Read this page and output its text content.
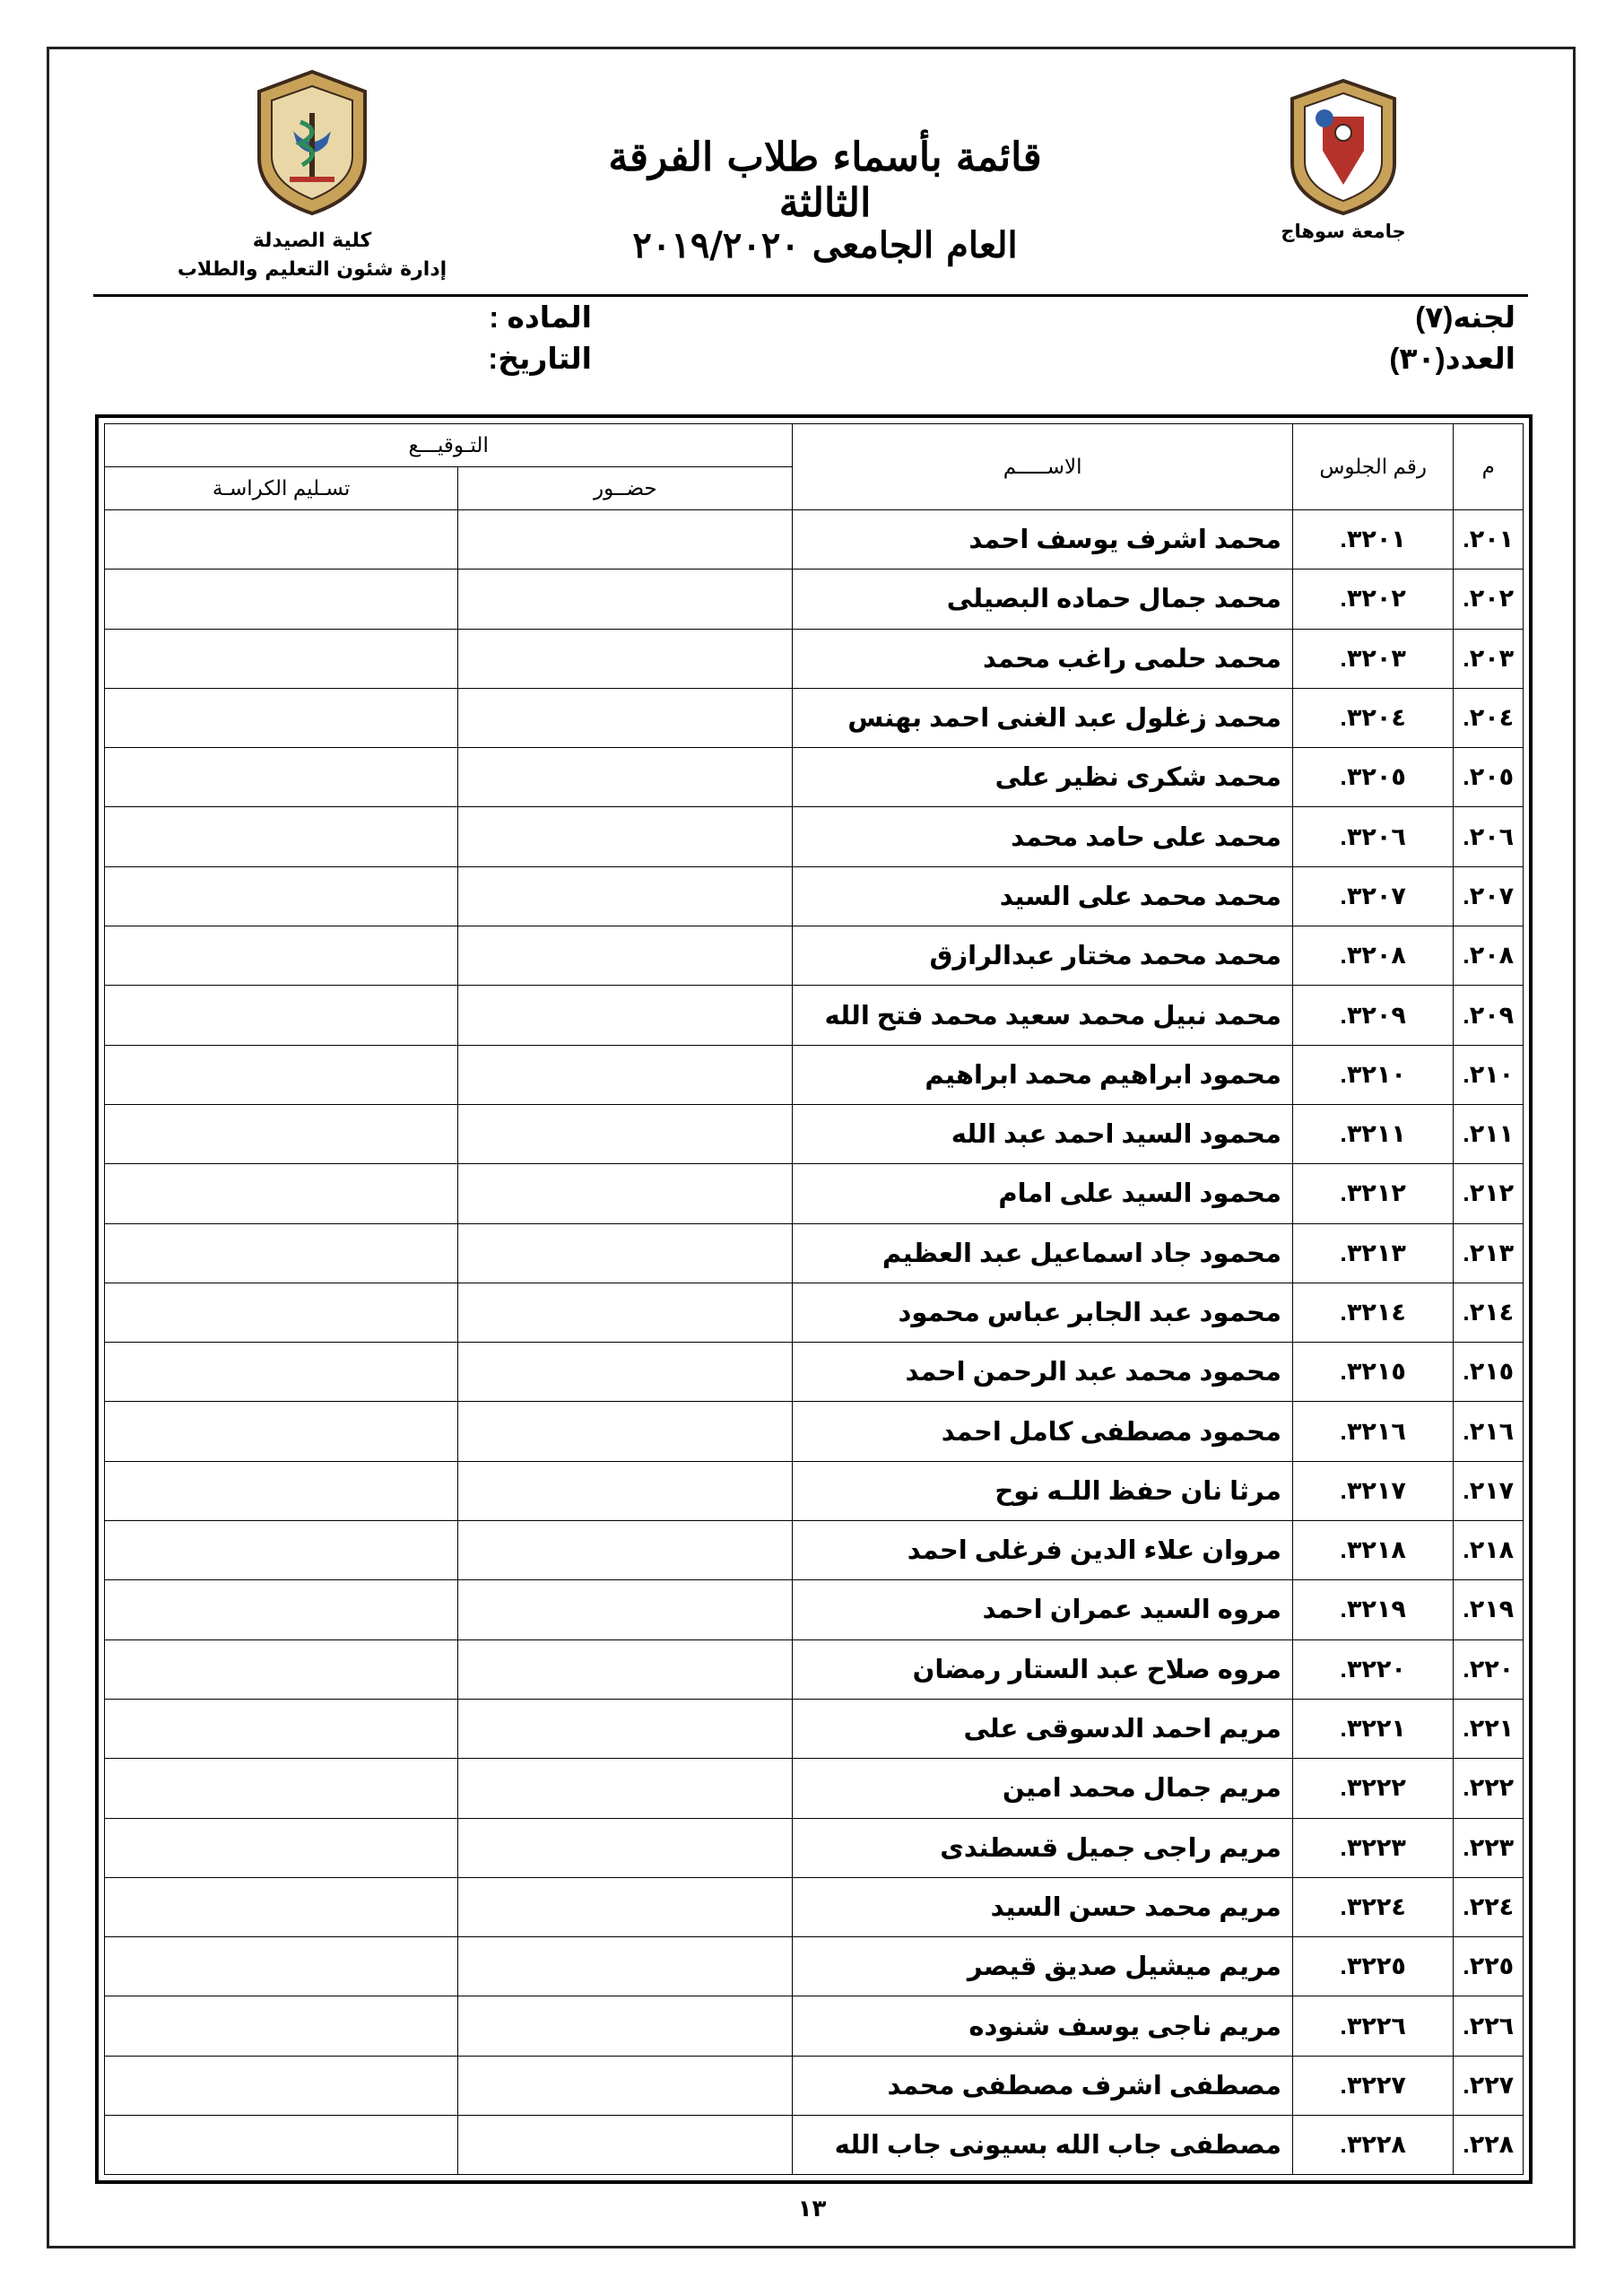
جامعة سوهاج
كلية الصيدلة
إدارة شئون التعليم والطلاب
قائمة بأسماء طلاب الفرقة الثالثة
العام الجامعى ٢٠١٩/٢٠٢٠
لجنه(٧)
العدد(٣٠)
الماده :
التاريخ:
م	رقم الجلوس	الاســـــم	التـوقيـــع	
			حضــور	تسـليم الكراسـة
٢٠١.	٣٢٠١.	محمد اشرف يوسف احمد		
٢٠٢.	٣٢٠٢.	محمد جمال حماده البصيلى		
٢٠٣.	٣٢٠٣.	محمد حلمى راغب محمد		
٢٠٤.	٣٢٠٤.	محمد زغلول عبد الغنى احمد بهنس		
٢٠٥.	٣٢٠٥.	محمد شكرى نظير على		
٢٠٦.	٣٢٠٦.	محمد على حامد محمد		
٢٠٧.	٣٢٠٧.	محمد محمد على السيد		
٢٠٨.	٣٢٠٨.	محمد محمد مختار عبدالرازق		
٢٠٩.	٣٢٠٩.	محمد نبيل محمد سعيد محمد فتح الله		
٢١٠.	٣٢١٠.	محمود ابراهيم محمد ابراهيم		
٢١١.	٣٢١١.	محمود السيد احمد عبد الله		
٢١٢.	٣٢١٢.	محمود السيد على امام		
٢١٣.	٣٢١٣.	محمود جاد اسماعيل عبد العظيم		
٢١٤.	٣٢١٤.	محمود عبد الجابر عباس محمود		
٢١٥.	٣٢١٥.	محمود محمد عبد الرحمن احمد		
٢١٦.	٣٢١٦.	محمود مصطفى كامل احمد		
٢١٧.	٣٢١٧.	مرثا نان حفظ اللـه نوح		
٢١٨.	٣٢١٨.	مروان علاء الدين فرغلى احمد		
٢١٩.	٣٢١٩.	مروه السيد عمران احمد		
٢٢٠.	٣٢٢٠.	مروه صلاح عبد الستار رمضان		
٢٢١.	٣٢٢١.	مريم احمد الدسوقى على		
٢٢٢.	٣٢٢٢.	مريم جمال محمد امين		
٢٢٣.	٣٢٢٣.	مريم راجى جميل قسطندى		
٢٢٤.	٣٢٢٤.	مريم محمد حسن السيد		
٢٢٥.	٣٢٢٥.	مريم ميشيل صديق قيصر		
٢٢٦.	٣٢٢٦.	مريم ناجى يوسف شنوده		
٢٢٧.	٣٢٢٧.	مصطفى اشرف مصطفى محمد		
٢٢٨.	٣٢٢٨.	مصطفى جاب الله بسيونى جاب الله		
١٣
